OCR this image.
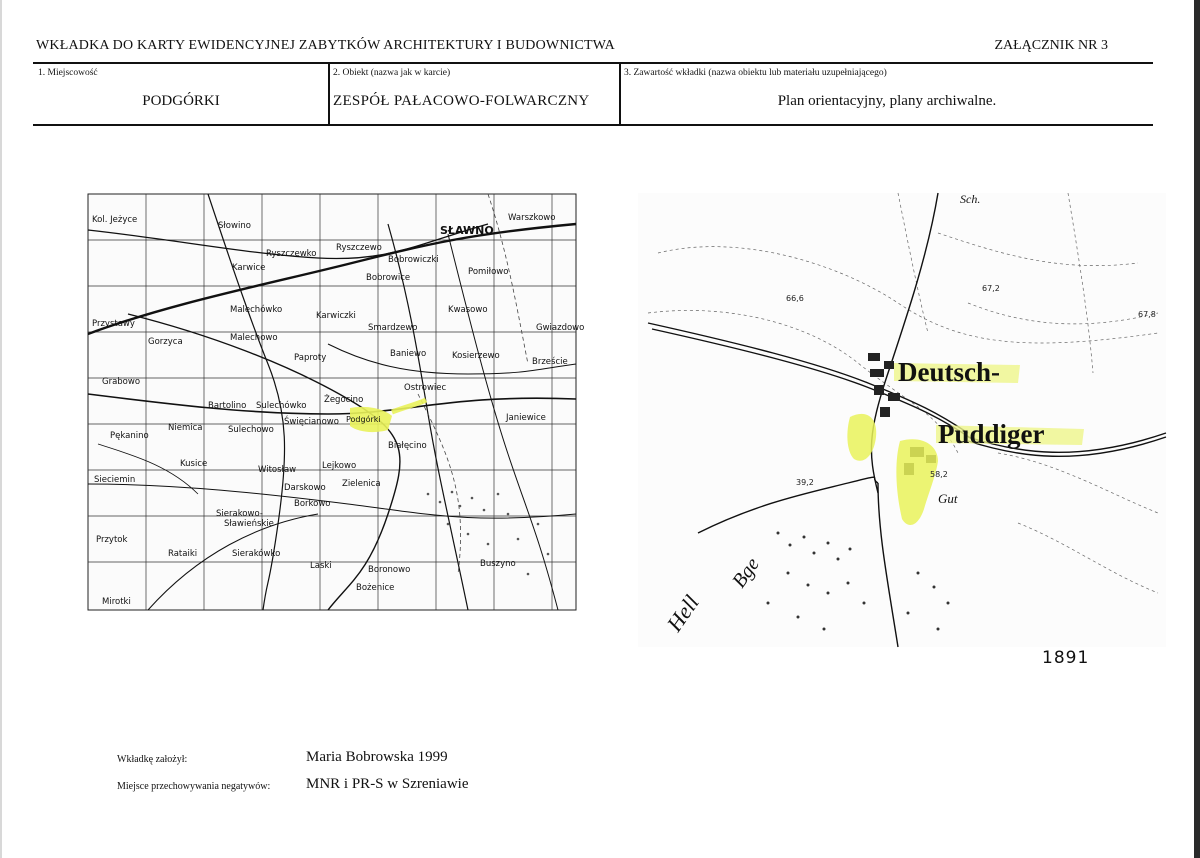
WKŁADKA DO KARTY EWIDENCYJNEJ ZABYTKÓW ARCHITEKTURY I BUDOWNICTWA	ZAŁĄCZNIK NR 3
1. Miejscowość
PODGÓRKI
2. Obiekt (nazwa jak w karcie)
ZESPÓŁ PAŁACOWO-FOLWARCZNY
3. Zawartość wkładki (nazwa obiektu lub materiału uzupełniającego)
Plan orientacyjny, plany archiwalne.
Kol. Jeżyce
Słowino	SŁAWNO
Warszkowo
Ryszczewko
Ryszczewo
Karwice
Bobrowiczki
Bobrowice
Pomiłowo
Przystawy
Gorzyca
Malechówko
Malechowo
Karwiczki
Smardzewo
Kwasowo
Gwiazdowo
Paproty	Baniewo	Kosierzewo
Brzeście
Grabowo
Ostrowiec
Bartolino Sulechówko
Żegocino
Święcianowo Podgórki	Janiewice
Niemica	Sulechowo
Pękanino
Białęcino
Kusice	Lejkowo
Sieciemin
Witosław
Darskowo Zielenica
Borkowo
Sierakowo-
Sławieńskie
Przytok
Rataiki	Sierakówko
Laski	Boronowo
Bożenice
Buszyno
Mirotki
Deutsch-
Puddiger
Sch.
Gut
Hell
Bge
66,6
67,2
67,8
58,2
39,2
1891
Wkładkę założył:	Maria Bobrowska 1999
Miejsce przechowywania negatywów: MNR i PR-S w Szreniawie
